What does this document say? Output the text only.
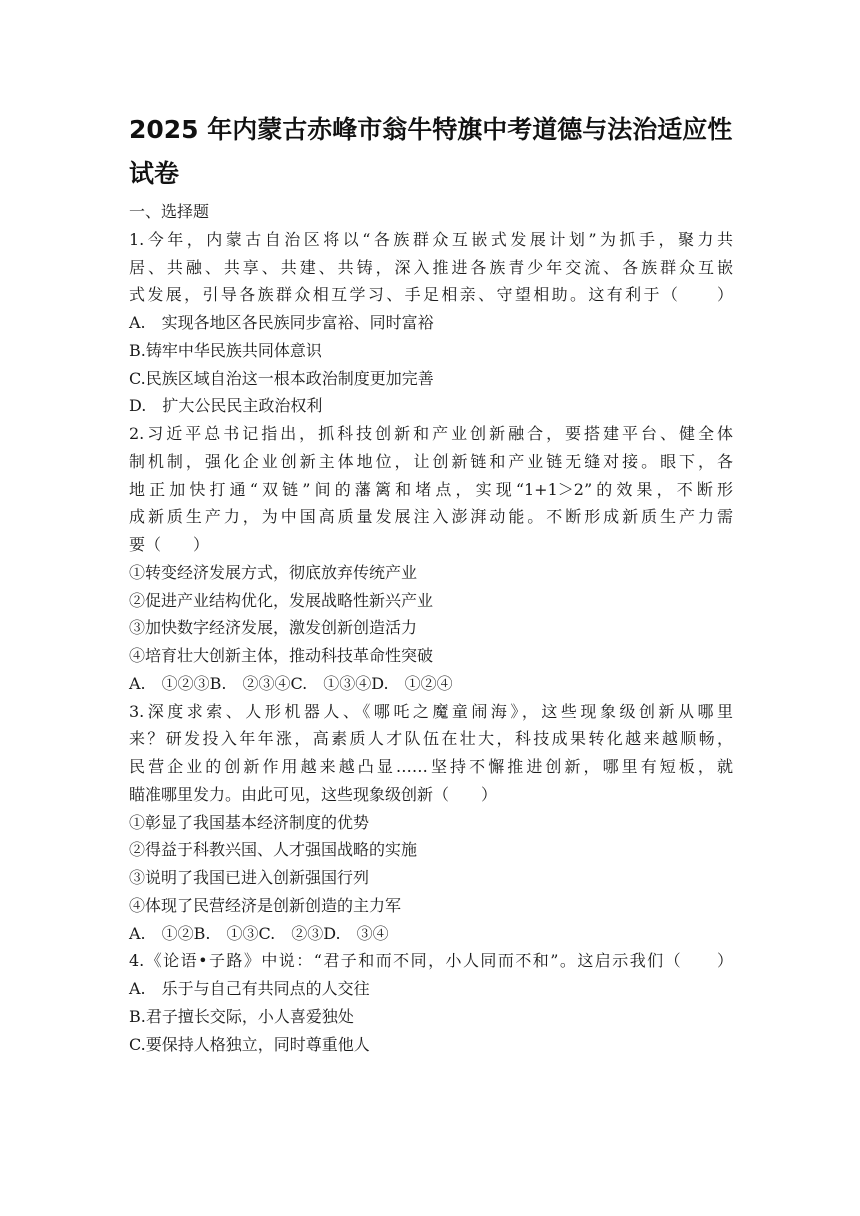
2025 年内蒙古赤峰市翁牛特旗中考道德与法治适应性
试卷
一、选择题
1.今年，内蒙古自治区将以“各族群众互嵌式发展计划”为抓手，聚力共
居、共融、共享、共建、共铸，深入推进各族青少年交流、各族群众互嵌
式发展，引导各族群众相互学习、手足相亲、守望相助。这有利于（　　）
A.　实现各地区各民族同步富裕、同时富裕
B.铸牢中华民族共同体意识
C.民族区域自治这一根本政治制度更加完善
D.　扩大公民民主政治权利
2.习近平总书记指出，抓科技创新和产业创新融合，要搭建平台、健全体
制机制，强化企业创新主体地位，让创新链和产业链无缝对接。眼下，各
地正加快打通“双链”间的藩篱和堵点，实现“1+1＞2”的效果，不断形
成新质生产力，为中国高质量发展注入澎湃动能。不断形成新质生产力需
要（　　）
①转变经济发展方式，彻底放弃传统产业
②促进产业结构优化，发展战略性新兴产业
③加快数字经济发展，激发创新创造活力
④培育壮大创新主体，推动科技革命性突破
A.　①②③B.　②③④C.　①③④D.　①②④
3.深度求索、人形机器人、《哪吒之魔童闹海》，这些现象级创新从哪里
来？研发投入年年涨，高素质人才队伍在壮大，科技成果转化越来越顺畅，
民营企业的创新作用越来越凸显……坚持不懈推进创新，哪里有短板，就
瞄准哪里发力。由此可见，这些现象级创新（　　）
①彰显了我国基本经济制度的优势
②得益于科教兴国、人才强国战略的实施
③说明了我国已进入创新强国行列
④体现了民营经济是创新创造的主力军
A.　①②B.　①③C.　②③D.　③④
4.《论语•子路》中说：“君子和而不同，小人同而不和”。这启示我们（　　）
A.　乐于与自己有共同点的人交往
B.君子擅长交际，小人喜爱独处
C.要保持人格独立，同时尊重他人
